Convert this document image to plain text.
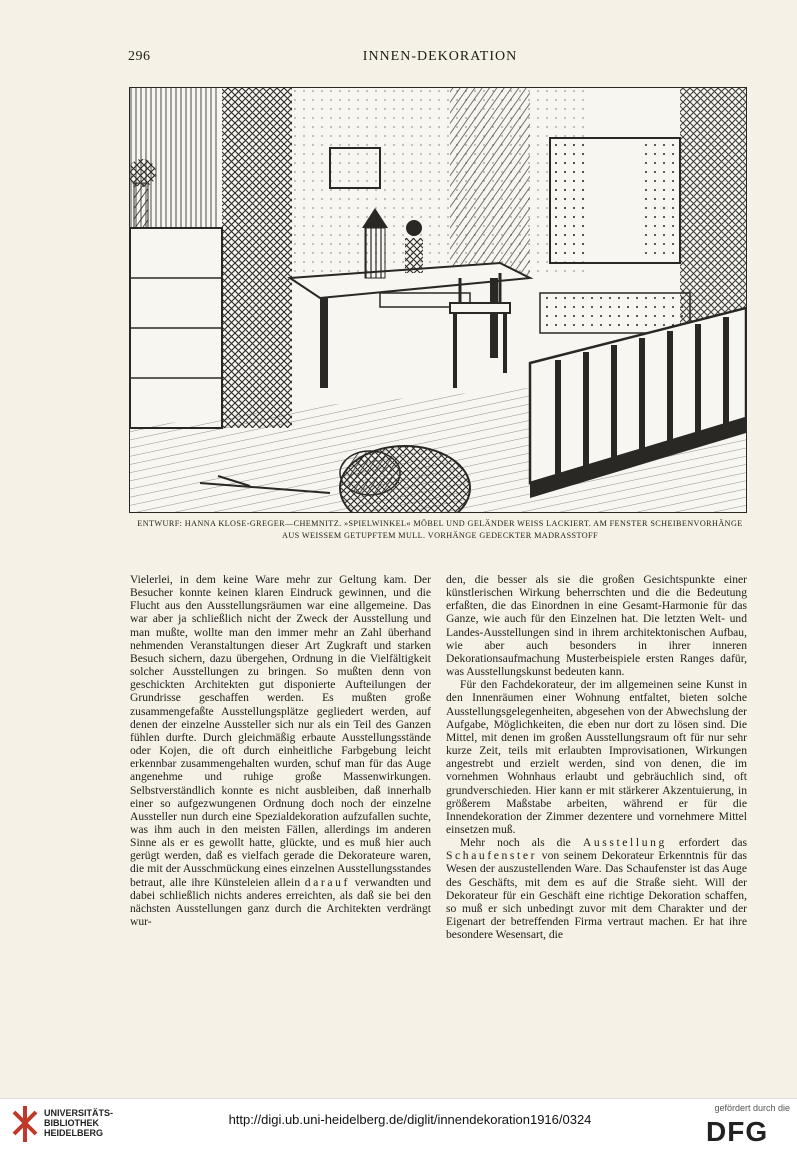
296	INNEN-DEKORATION
ENTWURF: HANNA KLOSE-GREGER—CHEMNITZ. »SPIELWINKEL« MÖBEL UND GELÄNDER WEISS LACKIERT. AM FENSTER SCHEIBENVORHÄNGE
AUS WEISSEM GETUPFTEM MULL. VORHÄNGE GEDECKTER MADRASSTOFF

Vielerlei, in dem keine Ware mehr zur Geltung kam. Der Besucher konnte keinen klaren Eindruck gewinnen, und die Flucht aus den Ausstellungsräumen war eine allgemeine. Das war aber ja schließlich nicht der Zweck der Ausstellung und man mußte, wollte man den immer mehr an Zahl überhand nehmenden Veranstaltungen dieser Art Zugkraft und starken Besuch sichern, dazu übergehen, Ordnung in die Vielfältigkeit solcher Ausstellungen zu bringen. So mußten denn von geschickten Architekten gut disponierte Aufteilungen der Grundrisse geschaffen werden. Es mußten große zusammengefaßte Ausstellungsplätze gegliedert werden, auf denen der einzelne Aussteller sich nur als ein Teil des Ganzen fühlen durfte. Durch gleichmäßig erbaute Ausstellungsstände oder Kojen, die oft durch einheitliche Farbgebung leicht erkennbar zusammengehalten wurden, schuf man für das Auge angenehme und ruhige große Massenwirkungen. Selbstverständlich konnte es nicht ausbleiben, daß innerhalb einer so aufgezwungenen Ordnung doch noch der einzelne Aussteller nun durch eine Spezialdekoration aufzufallen suchte, was ihm auch in den meisten Fällen, allerdings im anderen Sinne als er es gewollt hatte, glückte, und es muß hier auch gerügt werden, daß es vielfach gerade die Dekorateure waren, die mit der Ausschmückung eines einzelnen Ausstellungsstandes betraut, alle ihre Künsteleien allein darauf verwandten und dabei schließlich nichts anderes erreichten, als daß sie bei den nächsten Ausstellungen ganz durch die Architekten verdrängt wur-

den, die besser als sie die großen Gesichtspunkte einer künstlerischen Wirkung beherrschten und die die Bedeutung erfaßten, die das Einordnen in eine Gesamt-Harmonie für das Ganze, wie auch für den Einzelnen hat. Die letzten Welt- und Landes-Ausstellungen sind in ihrem architektonischen Aufbau, wie aber auch besonders in ihrer inneren Dekorationsaufmachung Musterbeispiele ersten Ranges dafür, was Ausstellungskunst bedeuten kann.

Für den Fachdekorateur, der im allgemeinen seine Kunst in den Innenräumen einer Wohnung entfaltet, bieten solche Ausstellungsgelegenheiten, abgesehen von der Abwechslung der Aufgabe, Möglichkeiten, die eben nur dort zu lösen sind. Die Mittel, mit denen im großen Ausstellungsraum oft für nur sehr kurze Zeit, teils mit erlaubten Improvisationen, Wirkungen angestrebt und erzielt werden, sind von denen, die im vornehmen Wohnhaus erlaubt und gebräuchlich sind, oft grundverschieden. Hier kann er mit stärkerer Akzentuierung, in größerem Maßstabe arbeiten, während er für die Innendekoration der Zimmer dezentere und vornehmere Mittel einsetzen muß.

Mehr noch als die Ausstellung erfordert das Schaufenster von seinem Dekorateur Erkenntnis für das Wesen der auszustellenden Ware. Das Schaufenster ist das Auge des Geschäfts, mit dem es auf die Straße sieht. Will der Dekorateur für ein Geschäft eine richtige Dekoration schaffen, so muß er sich unbedingt zuvor mit dem Charakter und der Eigenart der betreffenden Firma vertraut machen. Er hat ihre besondere Wesensart, die

UNIVERSITÄTS-
BIBLIOTHEK
HEIDELBERG
http://digi.ub.uni-heidelberg.de/diglit/innendekoration1916/0324
gefördert durch die
DFG
